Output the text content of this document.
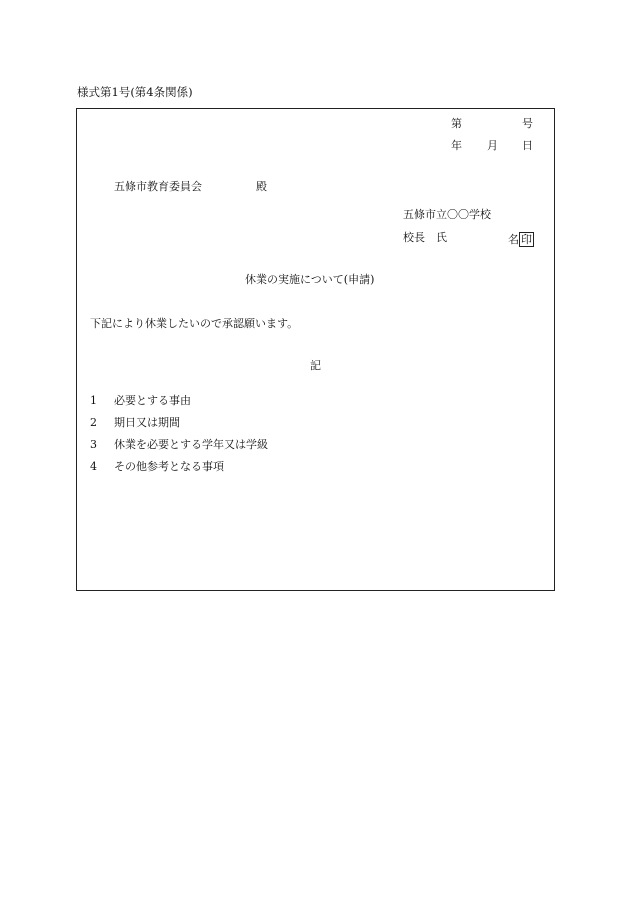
様式第1号(第4条関係)
第	号
年 月 日
五條市教育委員会	殿
五條市立〇〇学校
校長　氏	名 印
休業の実施について(申請)
下記により休業したいので承認願います。
記
1 必要とする事由
2 期日又は期間
3 休業を必要とする学年又は学級
4 その他参考となる事項
